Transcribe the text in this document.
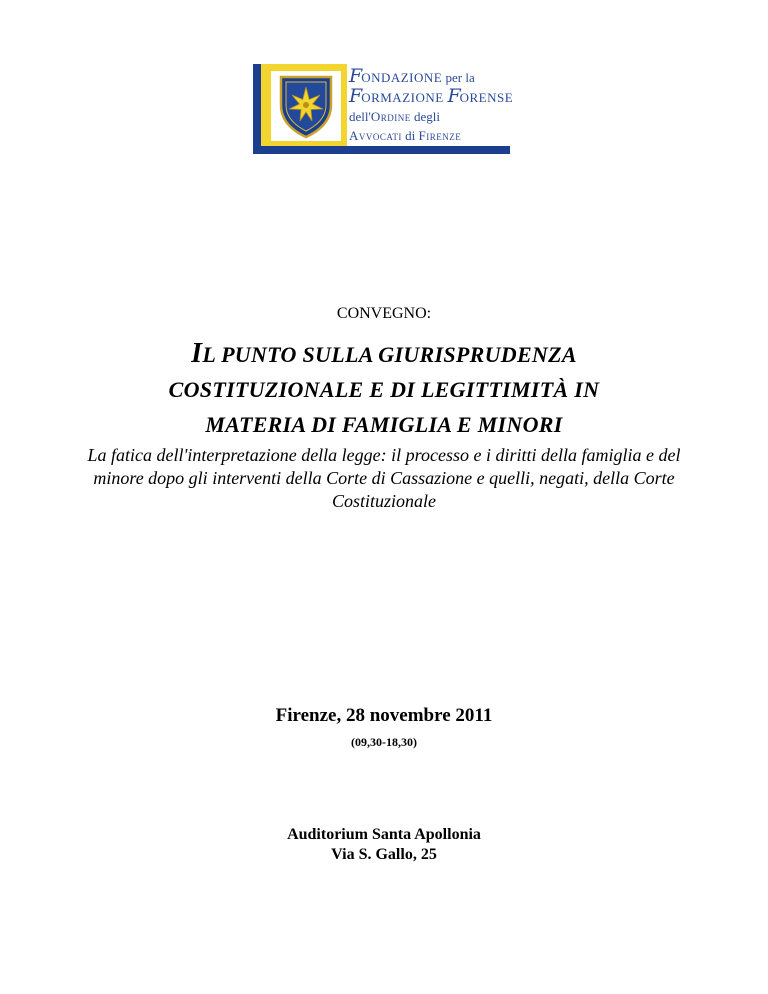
FONDAZIONE per la
FORMAZIONE FORENSE
dell'Ordine degli
Avvocati di Firenze
CONVEGNO:
IL PUNTO SULLA GIURISPRUDENZA
COSTITUZIONALE E DI LEGITTIMITÀ IN
MATERIA DI FAMIGLIA E MINORI
La fatica dell'interpretazione della legge: il processo e i diritti della famiglia e del minore dopo gli interventi della Corte di Cassazione e quelli, negati, della Corte Costituzionale
Firenze, 28 novembre 2011
(09,30-18,30)
Auditorium Santa Apollonia
Via S. Gallo, 25
